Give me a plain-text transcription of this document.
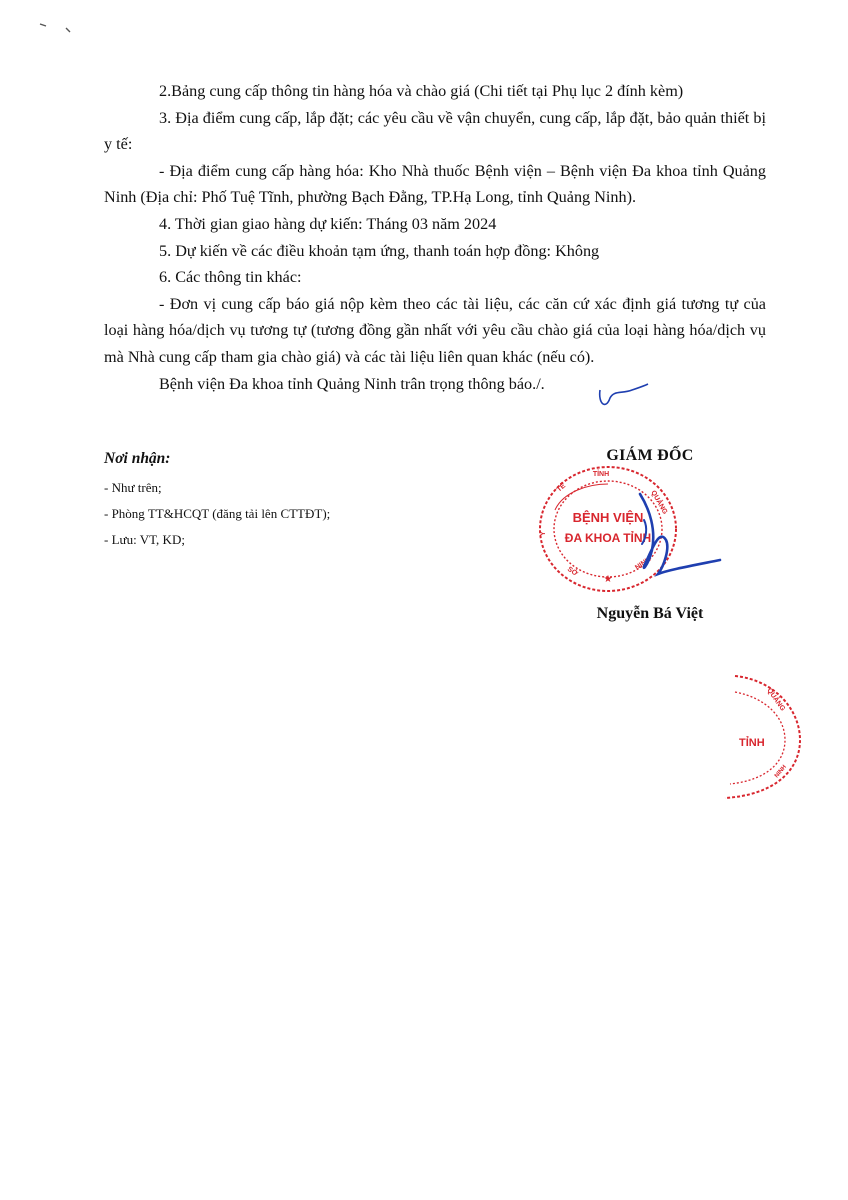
2.Bảng cung cấp thông tin hàng hóa và chào giá (Chi tiết tại Phụ lục 2 đính kèm)

3. Địa điểm cung cấp, lắp đặt; các yêu cầu về vận chuyển, cung cấp, lắp đặt, bảo quản thiết bị y tế:

- Địa điểm cung cấp hàng hóa: Kho Nhà thuốc Bệnh viện – Bệnh viện Đa khoa tỉnh Quảng Ninh (Địa chỉ: Phố Tuệ Tĩnh, phường Bạch Đằng, TP.Hạ Long, tỉnh Quảng Ninh).

4. Thời gian giao hàng dự kiến: Tháng 03 năm 2024

5. Dự kiến về các điều khoản tạm ứng, thanh toán hợp đồng: Không

6. Các thông tin khác:

- Đơn vị cung cấp báo giá nộp kèm theo các tài liệu, các căn cứ xác định giá tương tự của loại hàng hóa/dịch vụ tương tự (tương đồng gần nhất với yêu cầu chào giá của loại hàng hóa/dịch vụ mà Nhà cung cấp tham gia chào giá) và các tài liệu liên quan khác (nếu có).

Bệnh viện Đa khoa tỉnh Quảng Ninh trân trọng thông báo./.

Nơi nhận:

- Như trên;

- Phòng TT&HCQT (đăng tải lên CTTĐT);

- Lưu: VT, KD;

GIÁM ĐỐC
BỆNH VIỆN
ĐA KHOA TỈNH
TỈNH
QUẢNG
NINH
TẾ
Y
SỞ
★
Nguyễn Bá Việt
QUẢNG
TỈNH
NINH
